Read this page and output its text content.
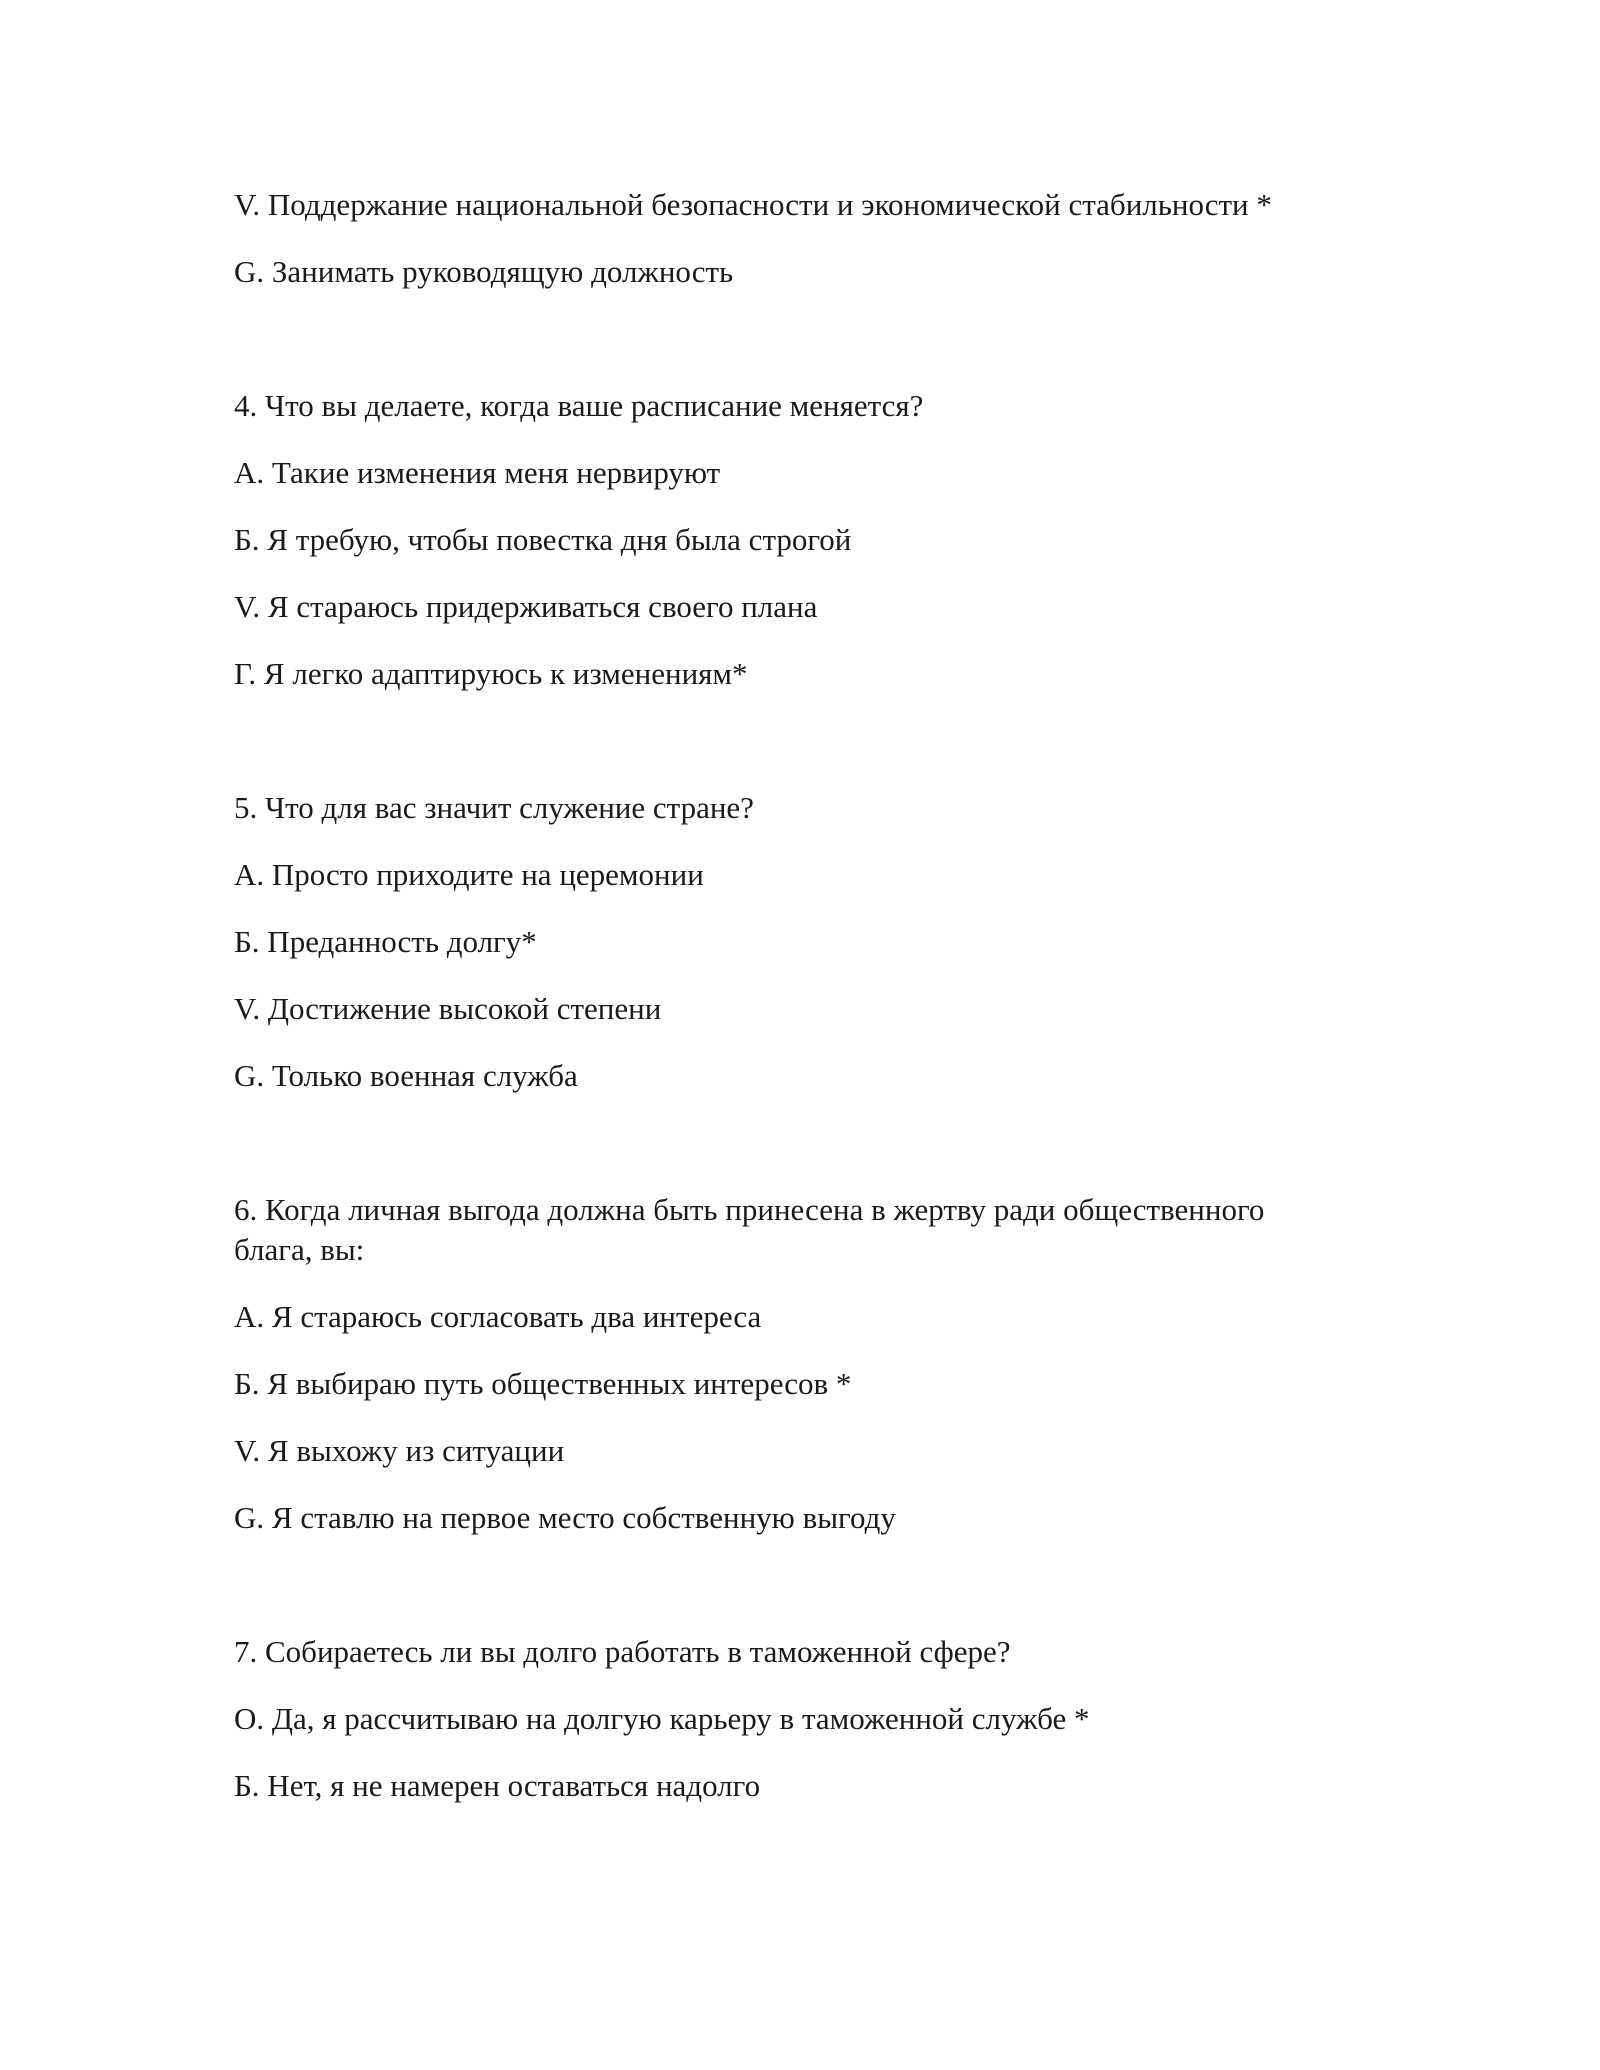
V. Поддержание национальной безопасности и экономической стабильности *
G. Занимать руководящую должность
4. Что вы делаете, когда ваше расписание меняется?
А. Такие изменения меня нервируют
Б. Я требую, чтобы повестка дня была строгой
V. Я стараюсь придерживаться своего плана
Г. Я легко адаптируюсь к изменениям*
5. Что для вас значит служение стране?
А. Просто приходите на церемонии
Б. Преданность долгу*
V. Достижение высокой степени
G. Только военная служба
6. Когда личная выгода должна быть принесена в жертву ради общественного
блага, вы:
А. Я стараюсь согласовать два интереса
Б. Я выбираю путь общественных интересов *
V. Я выхожу из ситуации
G. Я ставлю на первое место собственную выгоду
7. Собираетесь ли вы долго работать в таможенной сфере?
О. Да, я рассчитываю на долгую карьеру в таможенной службе *
Б. Нет, я не намерен оставаться надолго
